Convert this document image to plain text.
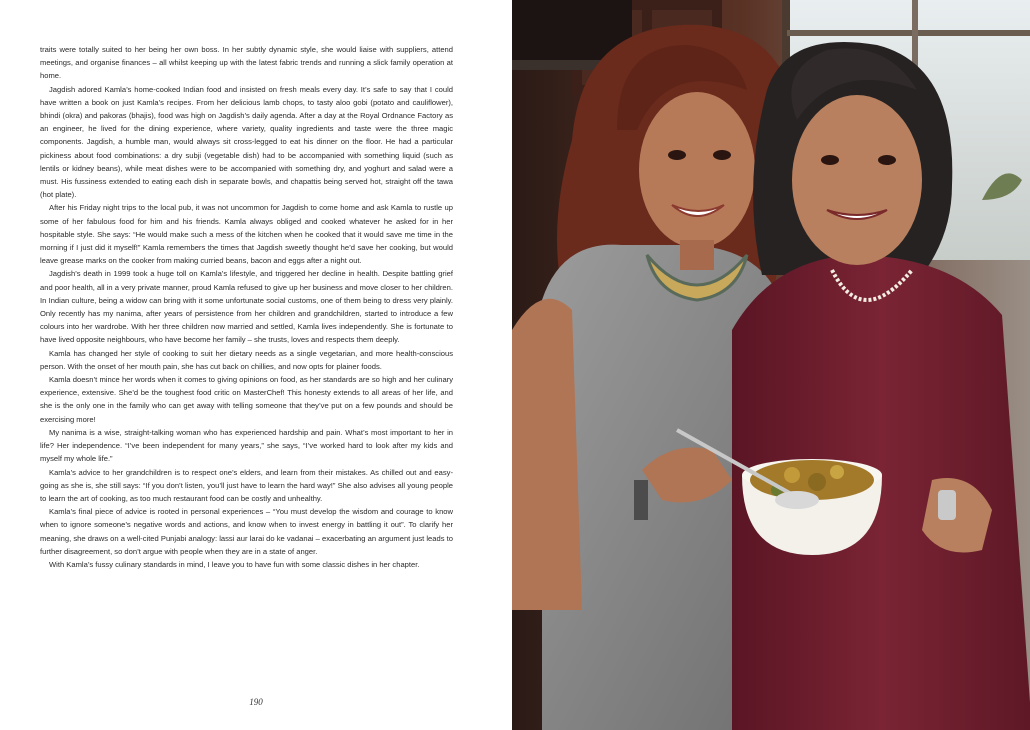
traits were totally suited to her being her own boss. In her subtly dynamic style, she would liaise with suppliers, attend meetings, and organise finances – all whilst keeping up with the latest fabric trends and running a slick family operation at home.

Jagdish adored Kamla’s home-cooked Indian food and insisted on fresh meals every day. It’s safe to say that I could have written a book on just Kamla’s recipes. From her delicious lamb chops, to tasty aloo gobi (potato and cauliflower), bhindi (okra) and pakoras (bhajis), food was high on Jagdish’s daily agenda. After a day at the Royal Ordnance Factory as an engineer, he lived for the dining experience, where variety, quality ingredients and taste were the three magic components. Jagdish, a humble man, would always sit cross-legged to eat his dinner on the floor. He had a particular pickiness about food combinations: a dry subji (vegetable dish) had to be accompanied with something liquid (such as lentils or kidney beans), while meat dishes were to be accompanied with something dry, and yoghurt and salad were a must. His fussiness extended to eating each dish in separate bowls, and chapattis being served hot, straight off the tawa (hot plate).

After his Friday night trips to the local pub, it was not uncommon for Jagdish to come home and ask Kamla to rustle up some of her fabulous food for him and his friends. Kamla always obliged and cooked whatever he asked for in her hospitable style. She says: “He would make such a mess of the kitchen when he cooked that it would save me time in the morning if I just did it myself!” Kamla remembers the times that Jagdish sweetly thought he’d save her cooking, but would leave grease marks on the cooker from making curried beans, bacon and eggs after a night out.

Jagdish’s death in 1999 took a huge toll on Kamla’s lifestyle, and triggered her decline in health. Despite battling grief and poor health, all in a very private manner, proud Kamla refused to give up her business and move closer to her children. In Indian culture, being a widow can bring with it some unfortunate social customs, one of them being to dress very plainly. Only recently has my nanima, after years of persistence from her children and grandchildren, started to introduce a few colours into her wardrobe. With her three children now married and settled, Kamla lives independently. She is fortunate to have lived opposite neighbours, who have become her family – she trusts, loves and respects them deeply.

Kamla has changed her style of cooking to suit her dietary needs as a single vegetarian, and more health-conscious person. With the onset of her mouth pain, she has cut back on chillies, and now opts for plainer foods.

Kamla doesn’t mince her words when it comes to giving opinions on food, as her standards are so high and her culinary experience, extensive. She’d be the toughest food critic on MasterChef! This honesty extends to all areas of her life, and she is the only one in the family who can get away with telling someone that they’ve put on a few pounds and should be exercising more!

My nanima is a wise, straight-talking woman who has experienced hardship and pain. What’s most important to her in life? Her independence. “I’ve been independent for many years,” she says, “I’ve worked hard to look after my kids and myself my whole life.”

Kamla’s advice to her grandchildren is to respect one’s elders, and learn from their mistakes. As chilled out and easy-going as she is, she still says: “If you don’t listen, you’ll just have to learn the hard way!” She also advises all young people to learn the art of cooking, as too much restaurant food can be costly and unhealthy.

Kamla’s final piece of advice is rooted in personal experiences – “You must develop the wisdom and courage to know when to ignore someone’s negative words and actions, and know when to invest energy in battling it out”. To clarify her meaning, she draws on a well-cited Punjabi analogy: lassi aur larai do ke vadanai – exacerbating an argument just leads to further disagreement, so don’t argue with people when they are in a state of anger.

With Kamla’s fussy culinary standards in mind, I leave you to have fun with some classic dishes in her chapter.

190
